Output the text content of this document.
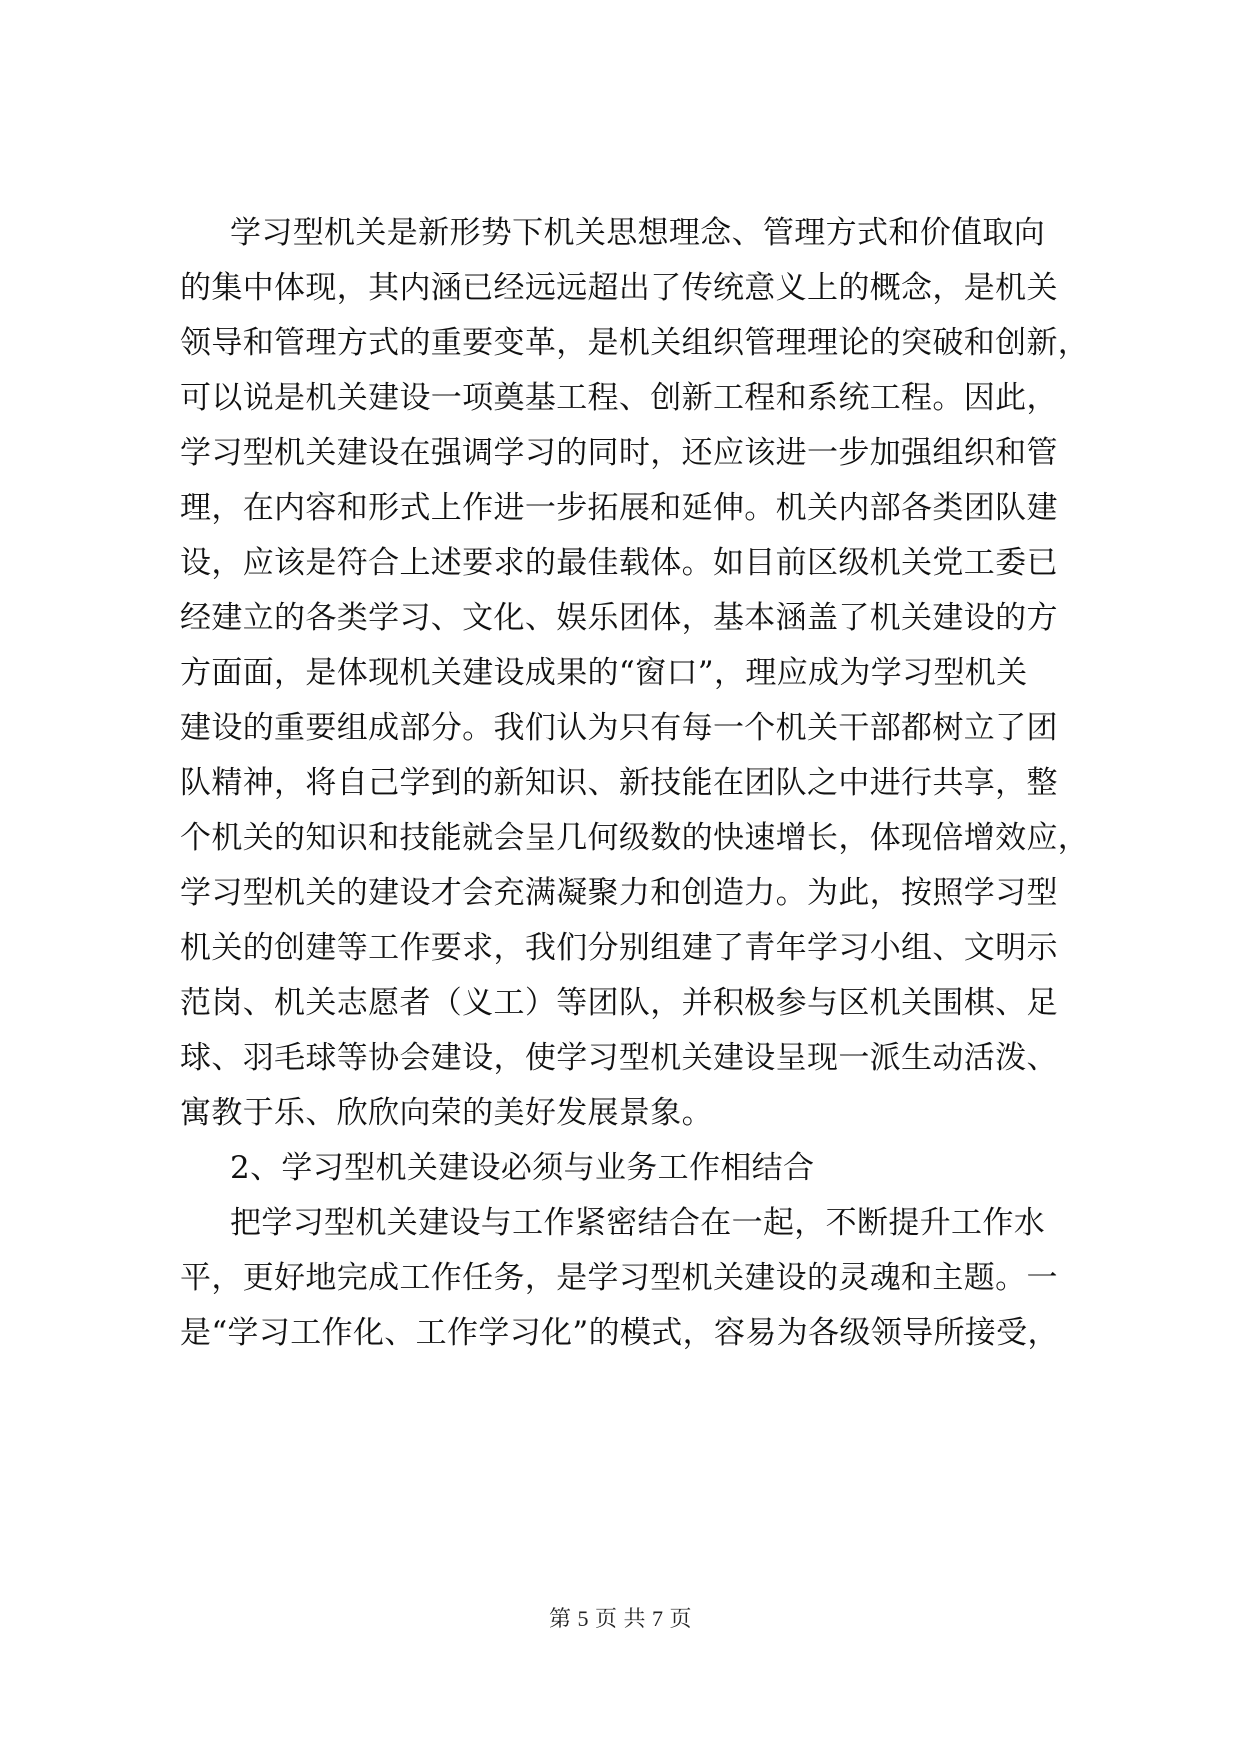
学习型机关是新形势下机关思想理念、管理方式和价值取向
的集中体现，其内涵已经远远超出了传统意义上的概念，是机关
领导和管理方式的重要变革，是机关组织管理理论的突破和创新，
可以说是机关建设一项奠基工程、创新工程和系统工程。因此，
学习型机关建设在强调学习的同时，还应该进一步加强组织和管
理，在内容和形式上作进一步拓展和延伸。机关内部各类团队建
设，应该是符合上述要求的最佳载体。如目前区级机关党工委已
经建立的各类学习、文化、娱乐团体，基本涵盖了机关建设的方
方面面，是体现机关建设成果的“窗口”，理应成为学习型机关
建设的重要组成部分。我们认为只有每一个机关干部都树立了团
队精神，将自己学到的新知识、新技能在团队之中进行共享，整
个机关的知识和技能就会呈几何级数的快速增长，体现倍增效应，
学习型机关的建设才会充满凝聚力和创造力。为此，按照学习型
机关的创建等工作要求，我们分别组建了青年学习小组、文明示
范岗、机关志愿者（义工）等团队，并积极参与区机关围棋、足
球、羽毛球等协会建设，使学习型机关建设呈现一派生动活泼、
寓教于乐、欣欣向荣的美好发展景象。
2、学习型机关建设必须与业务工作相结合
把学习型机关建设与工作紧密结合在一起，不断提升工作水
平，更好地完成工作任务，是学习型机关建设的灵魂和主题。一
是“学习工作化、工作学习化”的模式，容易为各级领导所接受，
第 5 页 共 7 页
